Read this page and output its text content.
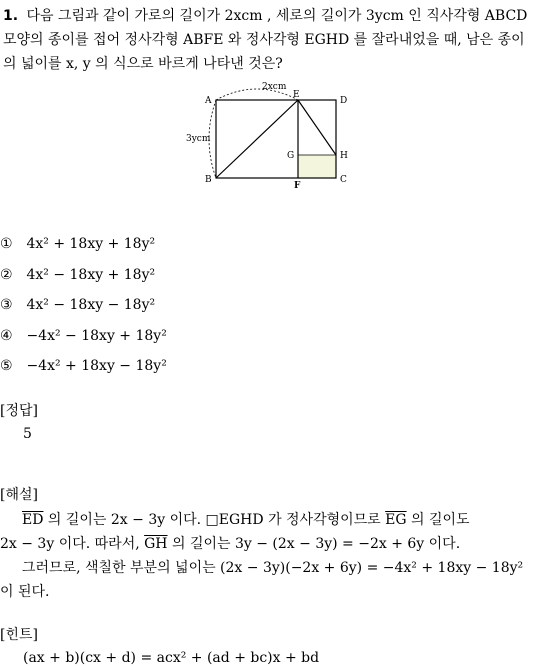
1. 다음 그림과 같이 가로의 길이가 2xcm , 세로의 길이가 3ycm 인 직사각형 ABCD 모양의 종이를 접어 정사각형 ABFE 와 정사각형 EGHD 를 잘라내었을 때, 남은 종이의 넓이를 x, y 의 식으로 바르게 나타낸 것은?
2xcm
3ycm
A
B	C
D
E
F
G	H
① 4x² + 18xy + 18y²
② 4x² − 18xy + 18y²
③ 4x² − 18xy − 18y²
④ −4x² − 18xy + 18y²
⑤ −4x² + 18xy − 18y²
[정답]
5
[해설]

$\overline{ED}$ 의 길이는 2x − 3y 이다. □EGHD 가 정사각형이므로 $\overline{EG}$ 의 길이도

2x − 3y 이다. 따라서, $\overline{GH}$ 의 길이는 3y − (2x − 3y) = −2x + 6y 이다.

그러므로, 색칠한 부분의 넓이는 (2x − 3y)(−2x + 6y) = −4x² + 18xy − 18y²

이 된다.

[힌트]
(ax + b)(cx + d) = acx² + (ad + bc)x + bd
